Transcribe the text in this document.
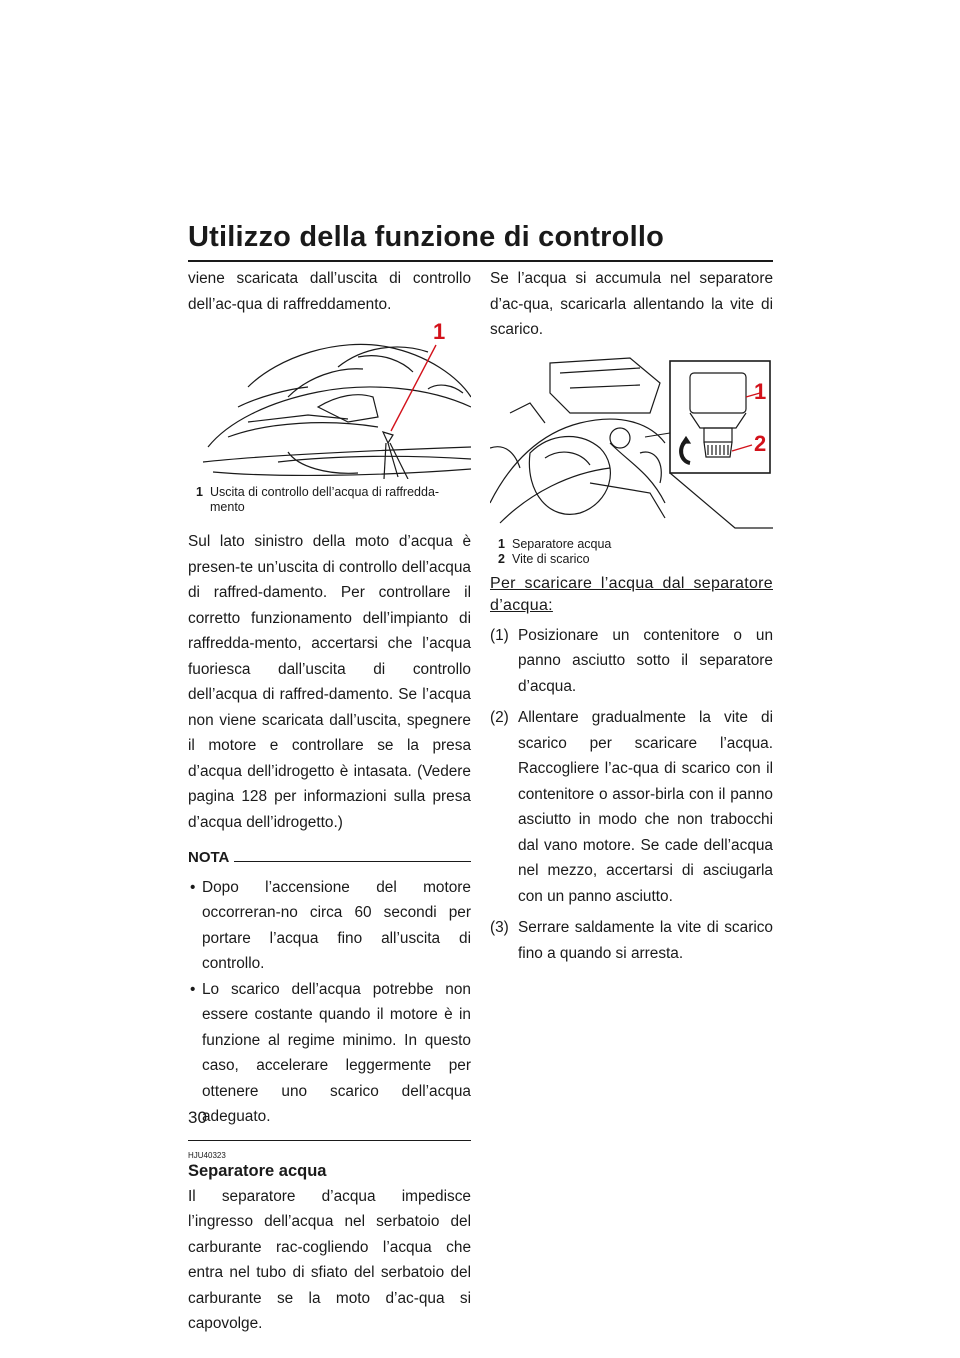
Utilizzo della funzione di controllo

viene scaricata dall’uscita di controllo dell’ac-qua di raffreddamento.

1
1 Uscita di controllo dell’acqua di raffredda-mento

Sul lato sinistro della moto d’acqua è presen-te un’uscita di controllo dell’acqua di raffred-damento. Per controllare il corretto funzionamento dell’impianto di raffredda-mento, accertarsi che l’acqua fuoriesca dall’uscita di controllo dell’acqua di raffred-damento. Se l’acqua non viene scaricata dall’uscita, spegnere il motore e controllare se la presa d’acqua dell’idrogetto è intasata. (Vedere pagina 128 per informazioni sulla presa d’acqua dell’idrogetto.)

NOTA
• Dopo l’accensione del motore occorreran-no circa 60 secondi per portare l’acqua fino all’uscita di controllo.
• Lo scarico dell’acqua potrebbe non essere costante quando il motore è in funzione al regime minimo. In questo caso, accelerare leggermente per ottenere uno scarico dell’acqua adeguato.
HJU40323
Separatore acqua

Il separatore d’acqua impedisce l’ingresso dell’acqua nel serbatoio del carburante rac-cogliendo l’acqua che entra nel tubo di sfiato del serbatoio del carburante se la moto d’ac-qua si capovolge.

Se l’acqua si accumula nel separatore d’ac-qua, scaricarla allentando la vite di scarico.

1
2
1 Separatore acqua
2 Vite di scarico
Per scaricare l’acqua dal separatore d’acqua:
(1) Posizionare un contenitore o un panno asciutto sotto il separatore d’acqua.
(2) Allentare gradualmente la vite di scarico per scaricare l’acqua. Raccogliere l’ac-qua di scarico con il contenitore o assor-birla con il panno asciutto in modo che non trabocchi dal vano motore. Se cade dell’acqua nel mezzo, accertarsi di asciugarla con un panno asciutto.
(3) Serrare saldamente la vite di scarico fino a quando si arresta.
30
